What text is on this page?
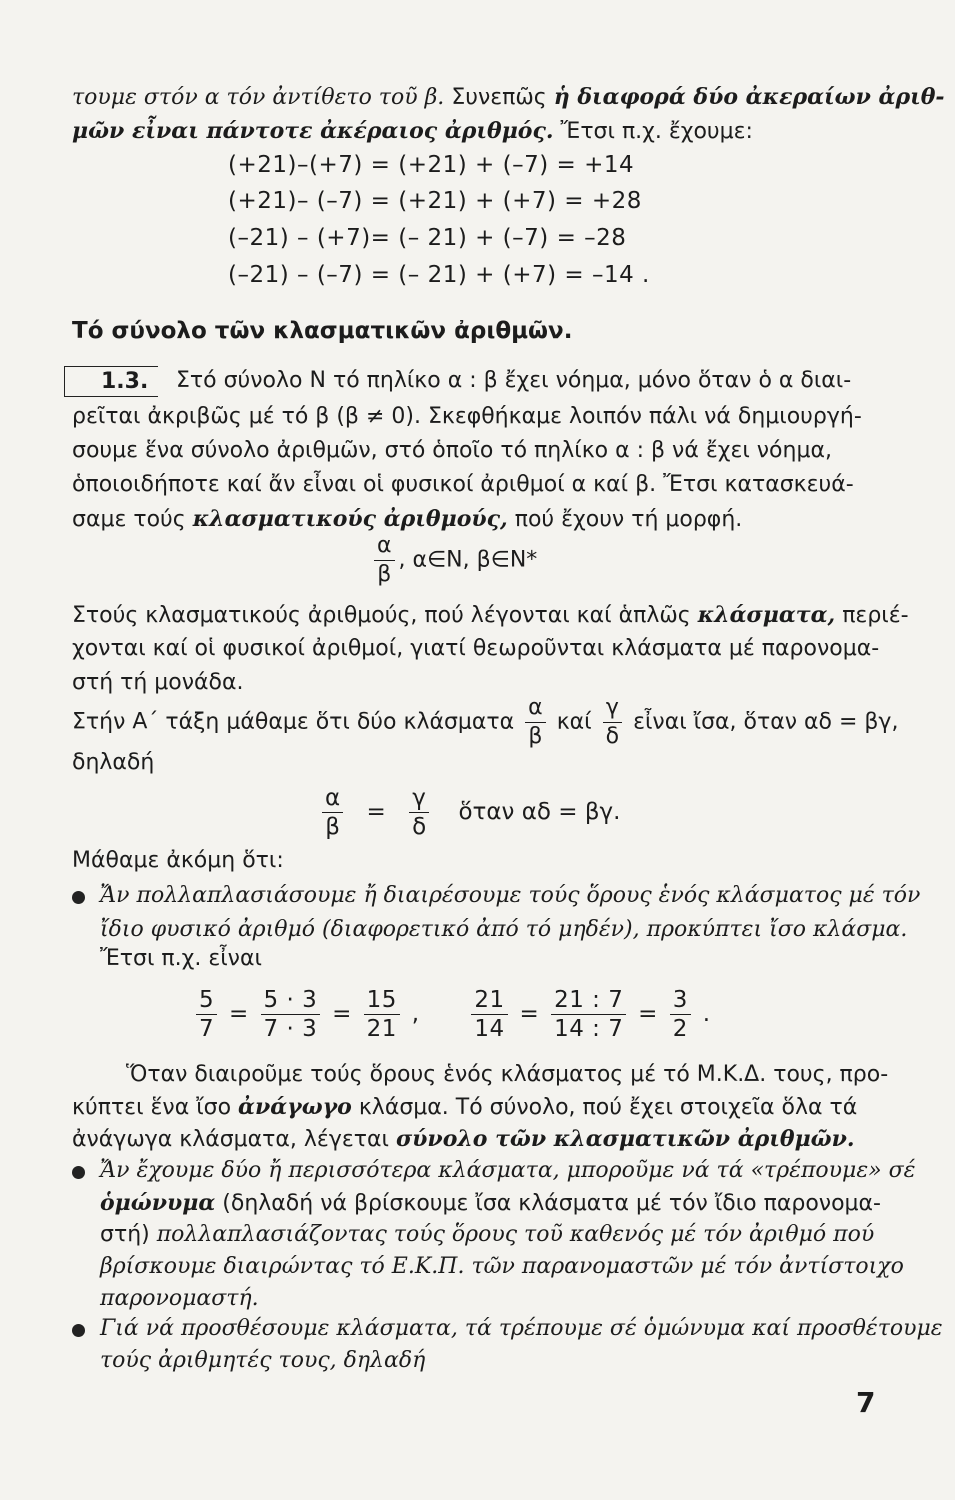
τουμε στόν α τόν ἀντίθετο τοῦ β. Συνεπῶς ἡ διαφορά δύο ἀκεραίων ἀριθ-
μῶν εἶναι πάντοτε ἀκέραιος ἀριθμός. Ἔτσι π.χ. ἔχουμε:
(+21)–(+7) = (+21) + (–7) = +14
(+21)– (–7) = (+21) + (+7) = +28
(–21) – (+7)= (– 21) + (–7) = –28
(–21) – (–7) = (– 21) + (+7) = –14 .
Τό σύνολο τῶν κλασματικῶν ἀριθμῶν.
1.3.	Στό σύνολο N τό πηλίκο α : β ἔχει νόημα, μόνο ὅταν ὁ α διαι-
ρεῖται ἀκριβῶς μέ τό β (β ≠ 0). Σκεφθήκαμε λοιπόν πάλι νά δημιουργή-
σουμε ἕνα σύνολο ἀριθμῶν, στό ὁποῖο τό πηλίκο α : β νά ἔχει νόημα,
ὁποιοιδήποτε καί ἄν εἶναι οἱ φυσικοί ἀριθμοί α καί β. Ἔτσι κατασκευά-
σαμε τούς κλασματικούς ἀριθμούς, πού ἔχουν τή μορφή.
$\frac{\alpha}{\beta}$ , α∈N, β∈N*
Στούς κλασματικούς ἀριθμούς, πού λέγονται καί ἁπλῶς κλάσματα, περιέ-
χονται καί οἱ φυσικοί ἀριθμοί, γιατί θεωροῦνται κλάσματα μέ παρονομα-
στή τή μονάδα.
Στήν Α΄ τάξη μάθαμε ὅτι δύο κλάσματα $\frac{\alpha}{\beta}$ καί $\frac{\gamma}{\delta}$ εἶναι ἴσα, ὅταν αδ = βγ,
δηλαδή
$\frac{\alpha}{\beta} = \frac{\gamma}{\delta}$ ὅταν αδ = βγ.
Μάθαμε ἀκόμη ὅτι:
Ἄν πολλαπλασιάσουμε ἤ διαιρέσουμε τούς ὅρους ἑνός κλάσματος μέ τόν
ἴδιο φυσικό ἀριθμό (διαφορετικό ἀπό τό μηδέν), προκύπτει ἴσο κλάσμα.
Ἔτσι π.χ. εἶναι
$\frac{5}{7} = \frac{5 \cdot 3}{7 \cdot 3} = \frac{15}{21}$ , $\frac{21}{14} = \frac{21 : 7}{14 : 7} = \frac{3}{2}$ .
Ὅταν διαιροῦμε τούς ὅρους ἑνός κλάσματος μέ τό Μ.Κ.Δ. τους, προ-
κύπτει ἕνα ἴσο ἀνάγωγο κλάσμα. Τό σύνολο, πού ἔχει στοιχεῖα ὅλα τά
ἀνάγωγα κλάσματα, λέγεται σύνολο τῶν κλασματικῶν ἀριθμῶν.
Ἄν ἔχουμε δύο ἤ περισσότερα κλάσματα, μποροῦμε νά τά «τρέπουμε» σέ
ὁμώνυμα (δηλαδή νά βρίσκουμε ἴσα κλάσματα μέ τόν ἴδιο παρονομα-
στή) πολλαπλασιάζοντας τούς ὅρους τοῦ καθενός μέ τόν ἀριθμό πού
βρίσκουμε διαιρώντας τό Ε.Κ.Π. τῶν παρανομαστῶν μέ τόν ἀντίστοιχο
παρονομαστή.
Γιά νά προσθέσουμε κλάσματα, τά τρέπουμε σέ ὁμώνυμα καί προσθέτουμε
τούς ἀριθμητές τους, δηλαδή
7
